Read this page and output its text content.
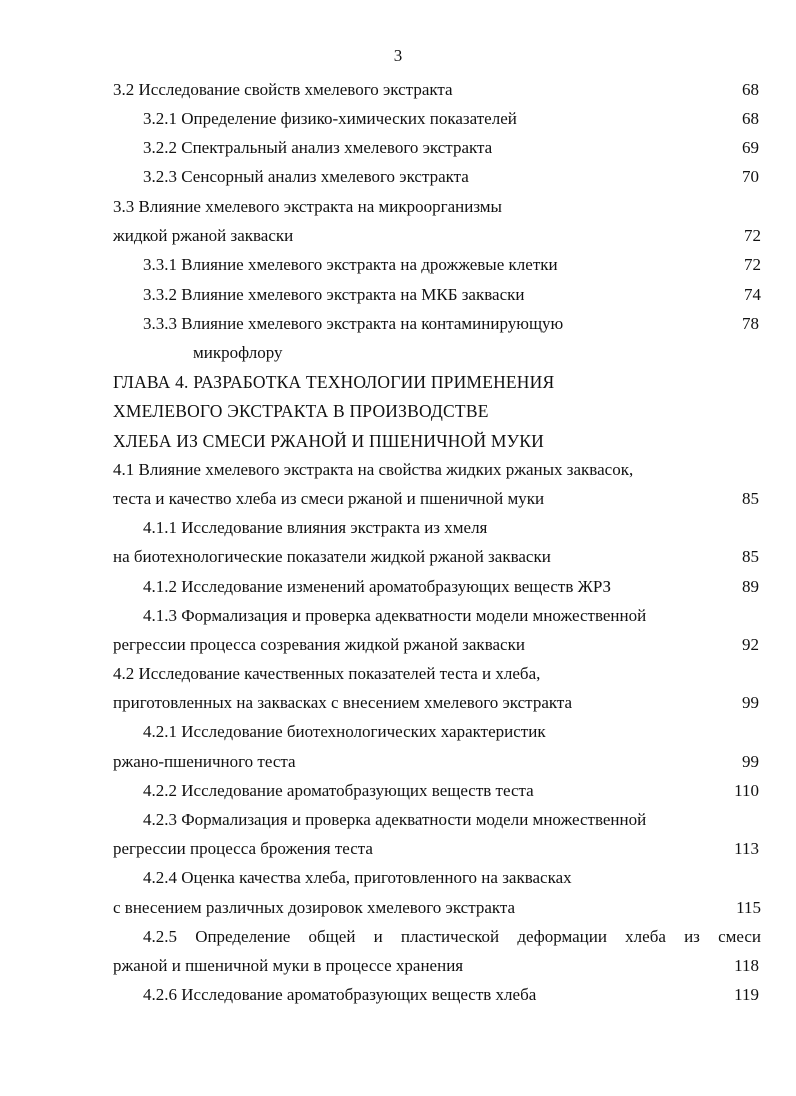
3
3.2 Исследование свойств хмелевого экстракта	68
3.2.1 Определение физико-химических показателей	68
3.2.2 Спектральный анализ хмелевого экстракта	69
3.2.3 Сенсорный анализ хмелевого экстракта	70
3.3 Влияние хмелевого экстракта на микроорганизмы
жидкой ржаной закваски	72
3.3.1 Влияние хмелевого экстракта на дрожжевые клетки	72
3.3.2 Влияние хмелевого экстракта на МКБ закваски	74
3.3.3 Влияние хмелевого экстракта на контаминирующую	78
микрофлору
ГЛАВА 4. РАЗРАБОТКА ТЕХНОЛОГИИ ПРИМЕНЕНИЯ
ХМЕЛЕВОГО ЭКСТРАКТА В ПРОИЗВОДСТВЕ
ХЛЕБА ИЗ СМЕСИ РЖАНОЙ И ПШЕНИЧНОЙ МУКИ
4.1 Влияние хмелевого экстракта на свойства жидких ржаных заквасок,
теста и качество хлеба из смеси ржаной и пшеничной муки	85
4.1.1 Исследование влияния экстракта из хмеля
на биотехнологические показатели жидкой ржаной закваски	85
4.1.2 Исследование изменений ароматобразующих веществ ЖРЗ	89
4.1.3 Формализация и проверка адекватности модели множественной
регрессии процесса созревания жидкой ржаной закваски	92
4.2 Исследование качественных показателей теста и хлеба,
приготовленных на заквасках с внесением хмелевого экстракта	99
4.2.1 Исследование биотехнологических характеристик
ржано-пшеничного теста	99
4.2.2 Исследование ароматобразующих веществ теста	110
4.2.3 Формализация и проверка адекватности модели множественной
регрессии процесса брожения теста	113
4.2.4 Оценка качества хлеба, приготовленного на заквасках
с внесением различных дозировок хмелевого экстракта	115
4.2.5 Определение общей и пластической деформации хлеба из смеси
ржаной и пшеничной муки в процессе хранения	118
4.2.6 Исследование ароматобразующих веществ хлеба	119
